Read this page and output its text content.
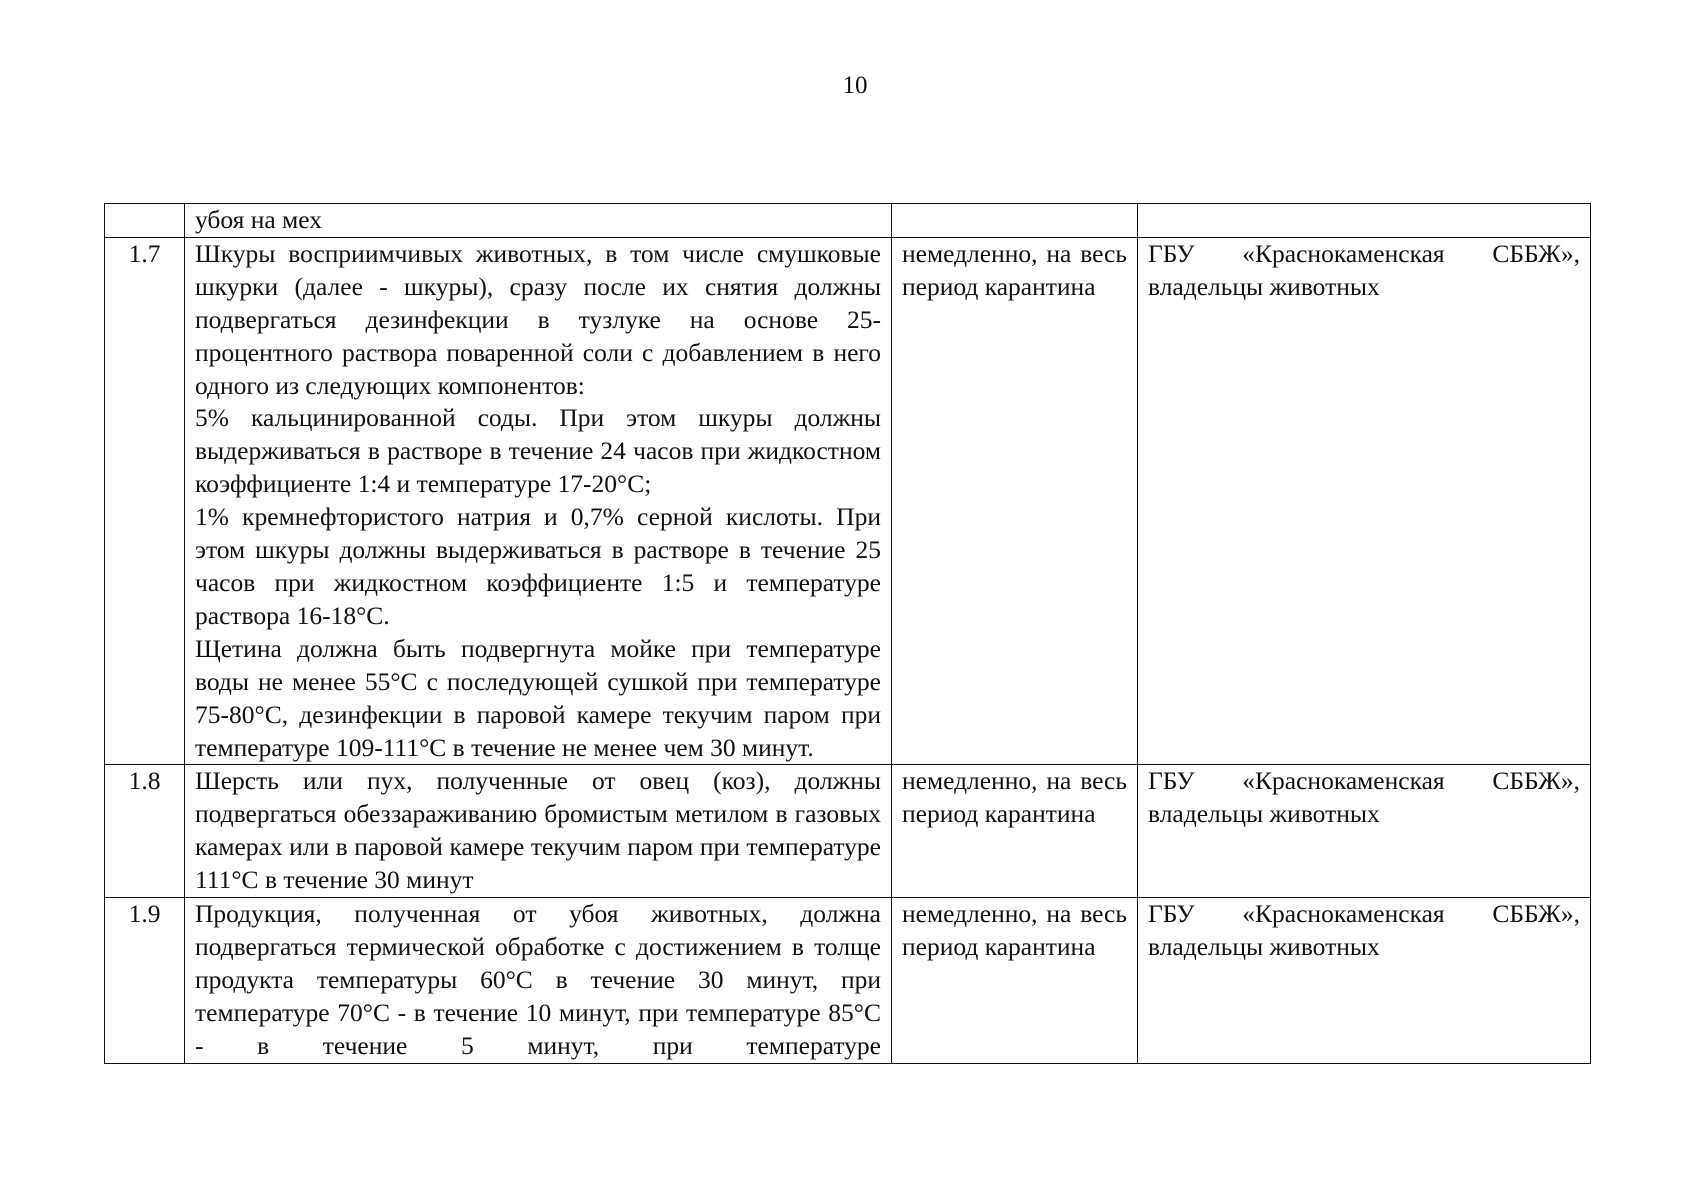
10

	убоя на мех		

1.7	Шкуры восприимчивых животных, в том числе смушковые шкурки (далее - шкуры), сразу после их снятия должны подвергаться дезинфекции в тузлуке на основе 25-процентного раствора поваренной соли с добавлением в него одного из следующих компонентов:
5% кальцинированной соды. При этом шкуры должны выдерживаться в растворе в течение 24 часов при жидкостном коэффициенте 1:4 и температуре 17-20°С;
1% кремнефтористого натрия и 0,7% серной кислоты. При этом шкуры должны выдерживаться в растворе в течение 25 часов при жидкостном коэффициенте 1:5 и температуре раствора 16-18°С.
Щетина должна быть подвергнута мойке при температуре воды не менее 55°С с последующей сушкой при температуре 75-80°С, дезинфекции в паровой камере текучим паром при температуре 109-111°С в течение не менее чем 30 минут.	немедленно, на весь период карантина	ГБУ «Краснокаменская СББЖ», владельцы животных

1.8	Шерсть или пух, полученные от овец (коз), должны подвергаться обеззараживанию бромистым метилом в газовых камерах или в паровой камере текучим паром при температуре 111°С в течение 30 минут	немедленно, на весь период карантина	ГБУ «Краснокаменская СББЖ», владельцы животных

1.9	Продукция, полученная от убоя животных, должна подвергаться термической обработке с достижением в толще продукта температуры 60°С в течение 30 минут, при температуре 70°С - в течение 10 минут, при температуре 85°С - в течение 5 минут, при температуре	немедленно, на весь период карантина	ГБУ «Краснокаменская СББЖ», владельцы животных
